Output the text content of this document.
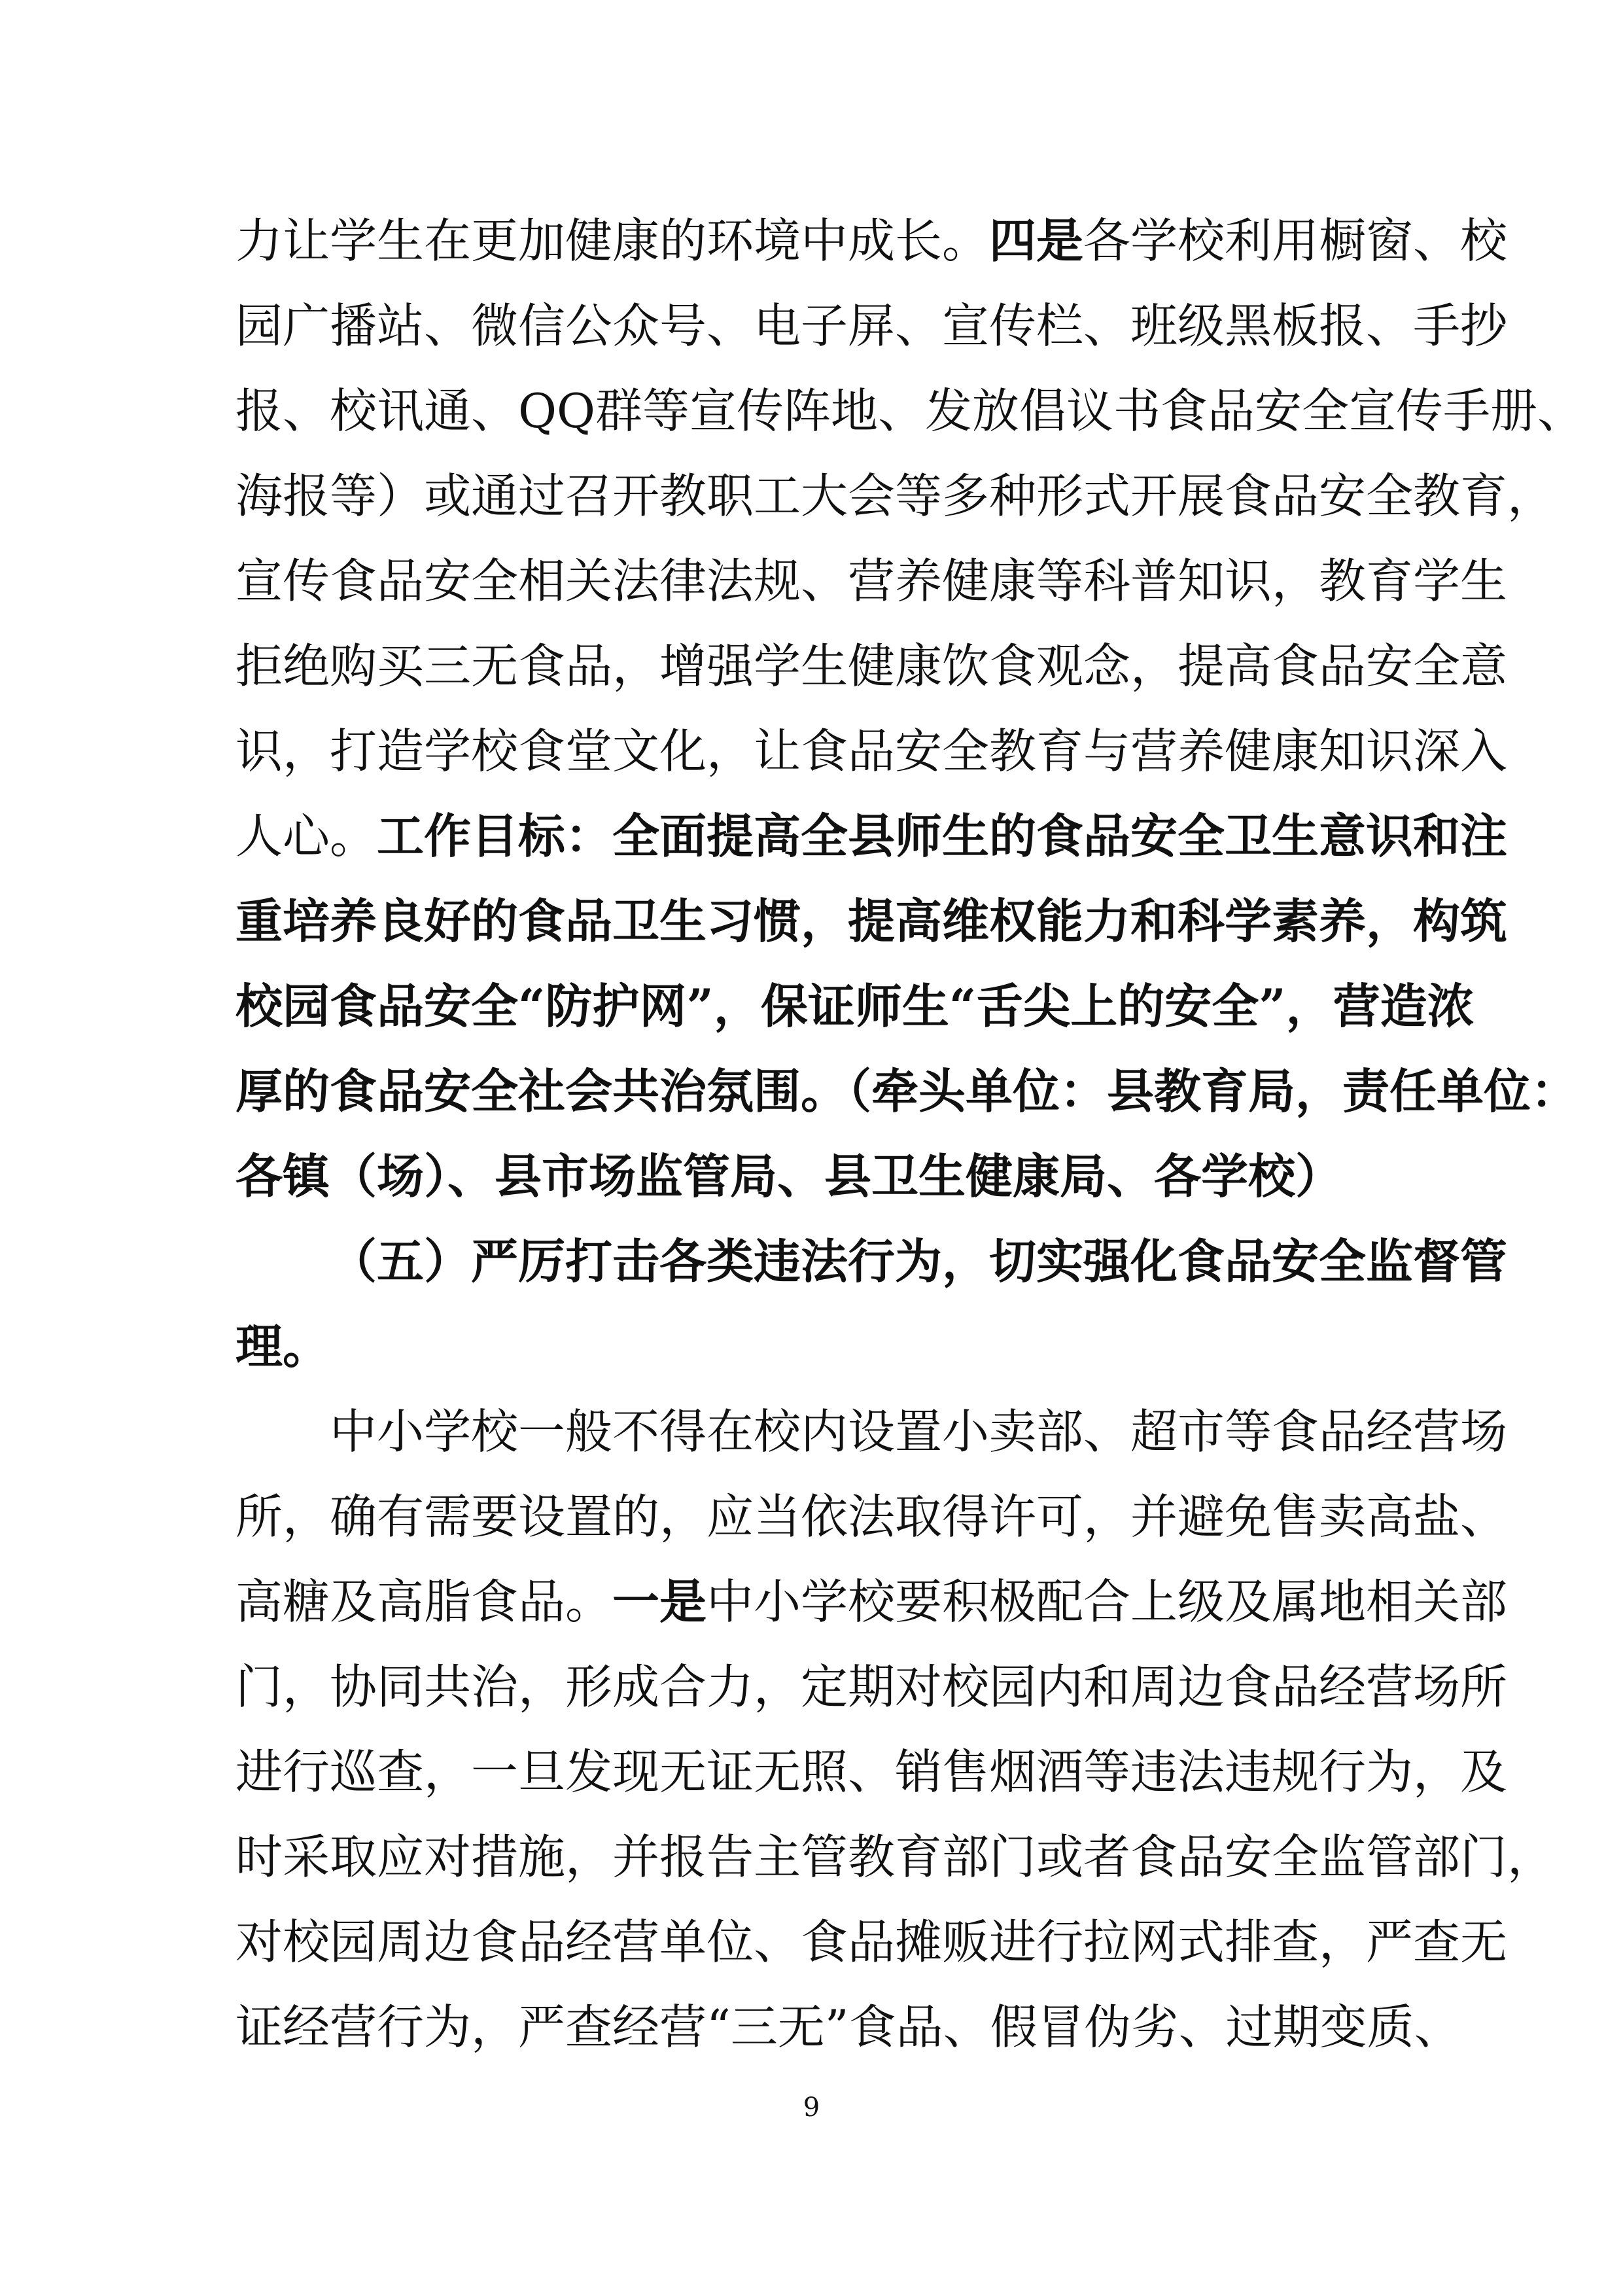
力让学生在更加健康的环境中成长。四是各学校利用橱窗、校
园广播站、微信公众号、电子屏、宣传栏、班级黑板报、手抄
报、校讯通、QQ群等宣传阵地、发放倡议书食品安全宣传手册、
海报等）或通过召开教职工大会等多种形式开展食品安全教育，
宣传食品安全相关法律法规、营养健康等科普知识，教育学生
拒绝购买三无食品，增强学生健康饮食观念，提高食品安全意
识，打造学校食堂文化，让食品安全教育与营养健康知识深入
人心。工作目标：全面提高全县师生的食品安全卫生意识和注
重培养良好的食品卫生习惯，提高维权能力和科学素养，构筑
校园食品安全“防护网”，保证师生“舌尖上的安全”，营造浓
厚的食品安全社会共治氛围。（牵头单位：县教育局，责任单位：
各镇（场）、县市场监管局、县卫生健康局、各学校）
（五）严厉打击各类违法行为，切实强化食品安全监督管
理。
中小学校一般不得在校内设置小卖部、超市等食品经营场
所，确有需要设置的，应当依法取得许可，并避免售卖高盐、
高糖及高脂食品。一是中小学校要积极配合上级及属地相关部
门，协同共治，形成合力，定期对校园内和周边食品经营场所
进行巡查，一旦发现无证无照、销售烟酒等违法违规行为，及
时采取应对措施，并报告主管教育部门或者食品安全监管部门，
对校园周边食品经营单位、食品摊贩进行拉网式排查，严查无
证经营行为，严查经营“三无”食品、假冒伪劣、过期变质、
9
